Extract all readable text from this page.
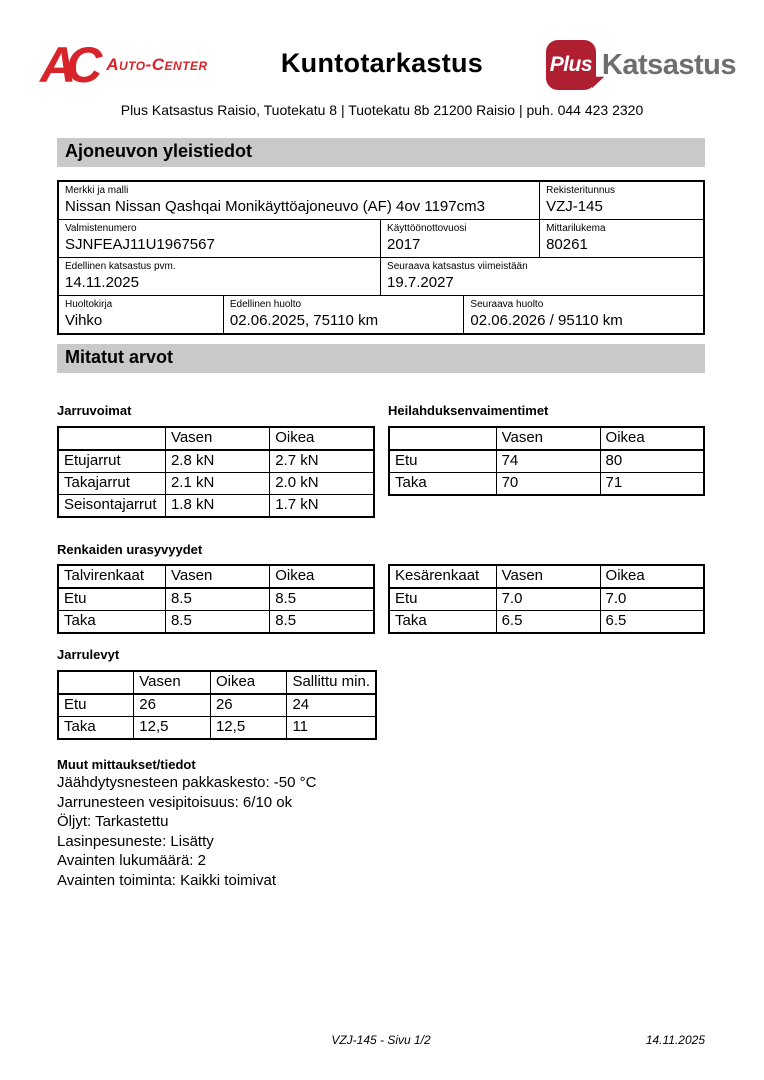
AC Auto-Center	Kuntotarkastus	Plus Katsastus
Plus Katsastus Raisio, Tuotekatu 8 | Tuotekatu 8b 21200 Raisio | puh. 044 423 2320
Ajoneuvon yleistiedot
Merkki ja malli
Nissan Nissan Qashqai Monikäyttöajoneuvo (AF) 4ov 1197cm3
Rekisteritunnus
VZJ-145
Valmistenumero
SJNFEAJ11U1967567
Käyttöönottovuosi
2017
Mittarilukema
80261
Edellinen katsastus pvm.
14.11.2025
Seuraava katsastus viimeistään
19.7.2027
Huoltokirja
Vihko
Edellinen huolto
02.06.2025, 75110 km
Seuraava huolto
02.06.2026 / 95110 km
Mitatut arvot
Jarruvoimat
	Vasen	Oikea
Etujarrut	2.8 kN	2.7 kN
Takajarrut	2.1 kN	2.0 kN
Seisontajarrut	1.8 kN	1.7 kN
Heilahduksenvaimentimet
	Vasen	Oikea
Etu	74	80
Taka	70	71
Renkaiden urasyvyydet
Talvirenkaat	Vasen	Oikea
Etu	8.5	8.5
Taka	8.5	8.5
Kesärenkaat	Vasen	Oikea
Etu	7.0	7.0
Taka	6.5	6.5
Jarrulevyt
	Vasen	Oikea	Sallittu min.
Etu	26	26	24
Taka	12,5	12,5	11
Muut mittaukset/tiedot
Jäähdytysnesteen pakkaskesto: -50 °C
Jarrunesteen vesipitoisuus: 6/10 ok
Öljyt: Tarkastettu
Lasinpesuneste: Lisätty
Avainten lukumäärä: 2
Avainten toiminta: Kaikki toimivat
VZJ-145 - Sivu 1/2	14.11.2025
